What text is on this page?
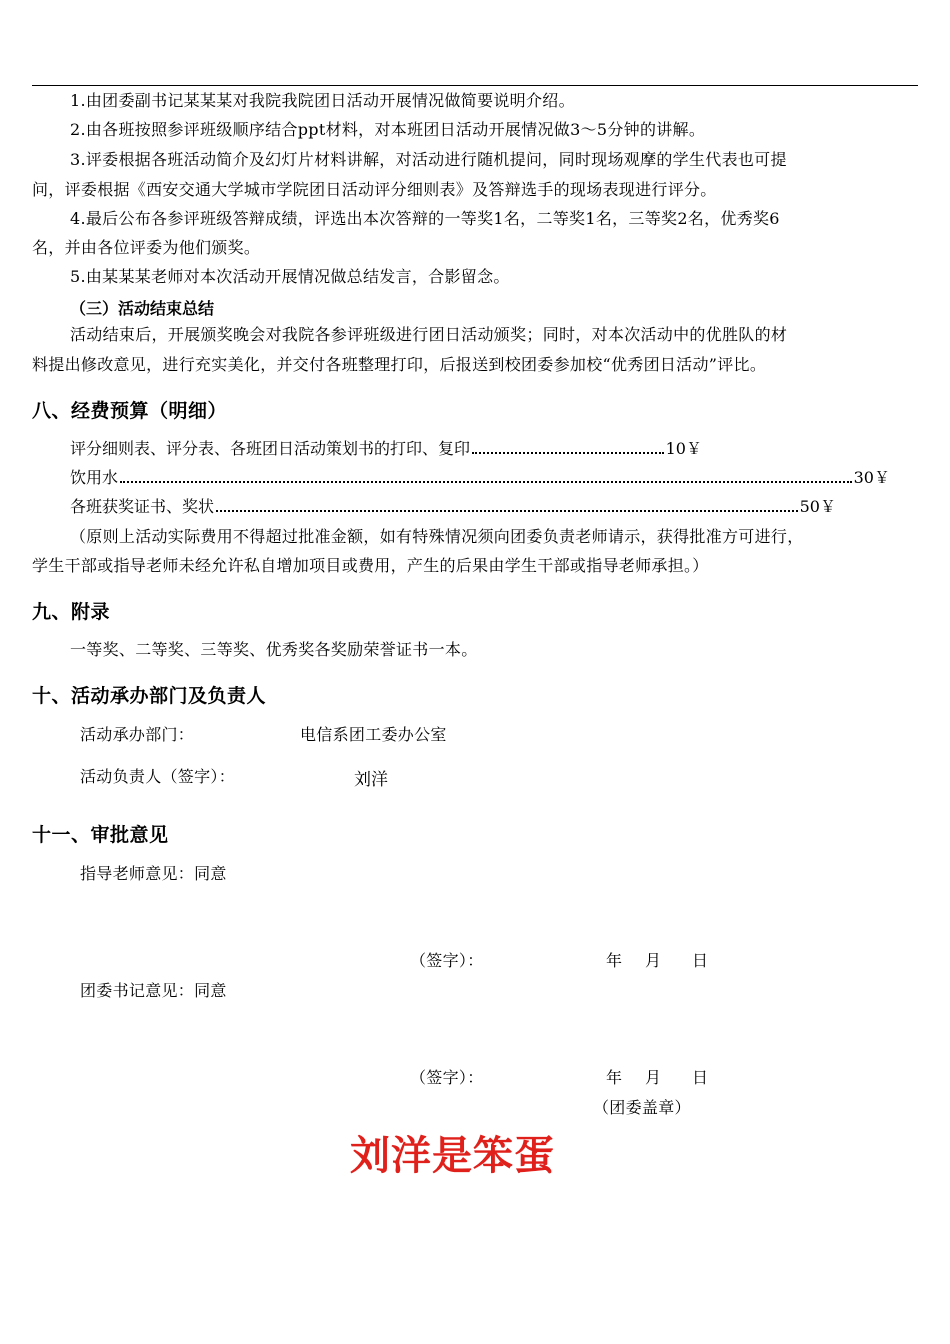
1.由团委副书记某某某对我院我院团日活动开展情况做简要说明介绍。
2.由各班按照参评班级顺序结合ppt材料，对本班团日活动开展情况做3～5分钟的讲解。
3.评委根据各班活动简介及幻灯片材料讲解，对活动进行随机提问，同时现场观摩的学生代表也可提
问，评委根据《西安交通大学城市学院团日活动评分细则表》及答辩选手的现场表现进行评分。
4.最后公布各参评班级答辩成绩，评选出本次答辩的一等奖1名，二等奖1名，三等奖2名，优秀奖6
名，并由各位评委为他们颁奖。
5.由某某某老师对本次活动开展情况做总结发言，合影留念。
（三）活动结束总结
活动结束后，开展颁奖晚会对我院各参评班级进行团日活动颁奖；同时，对本次活动中的优胜队的材
料提出修改意见，进行充实美化，并交付各班整理打印，后报送到校团委参加校“优秀团日活动”评比。
八、经费预算（明细）
评分细则表、评分表、各班团日活动策划书的打印、复印	10￥
饮用水	30￥
各班获奖证书、奖状	50￥
（原则上活动实际费用不得超过批准金额，如有特殊情况须向团委负责老师请示，获得批准方可进行，
学生干部或指导老师未经允许私自增加项目或费用，产生的后果由学生干部或指导老师承担。）
九、附录
一等奖、二等奖、三等奖、优秀奖各奖励荣誉证书一本。
十、活动承办部门及负责人
活动承办部门：	电信系团工委办公室
活动负责人（签字）：	刘洋
十一、审批意见
指导老师意见：同意
（签字）：	年 月 日
团委书记意见：同意
（签字）：	年 月 日
（团委盖章）
刘洋是笨蛋
